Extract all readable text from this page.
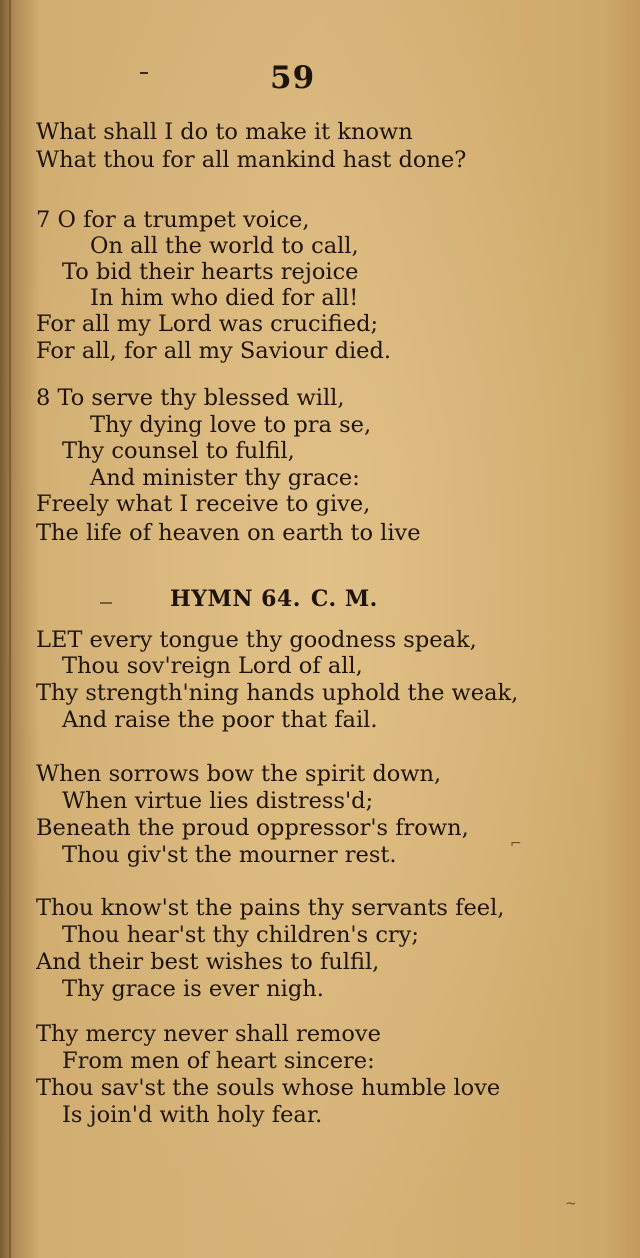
59

What shall I do to make it known

What thou for all mankind hast done?

7 O for a trumpet voice,

On all the world to call,

To bid their hearts rejoice

In him who died for all!

For all my Lord was crucified;

For all, for all my Saviour died.

8 To serve thy blessed will,

Thy dying love to pra se,

Thy counsel to fulfil,

And minister thy grace:

Freely what I receive to give,

The life of heaven on earth to live

HYMN 64. C. M.

LET every tongue thy goodness speak,

Thou sov'reign Lord of all,

Thy strength'ning hands uphold the weak,

And raise the poor that fail.

When sorrows bow the spirit down,

When virtue lies distress'd;

Beneath the proud oppressor's frown,

Thou giv'st the mourner rest.

Thou know'st the pains thy servants feel,

Thou hear'st thy children's cry;

And their best wishes to fulfil,

Thy grace is ever nigh.

Thy mercy never shall remove

From men of heart sincere:

Thou sav'st the souls whose humble love

Is join'd with holy fear.

⌐
~
